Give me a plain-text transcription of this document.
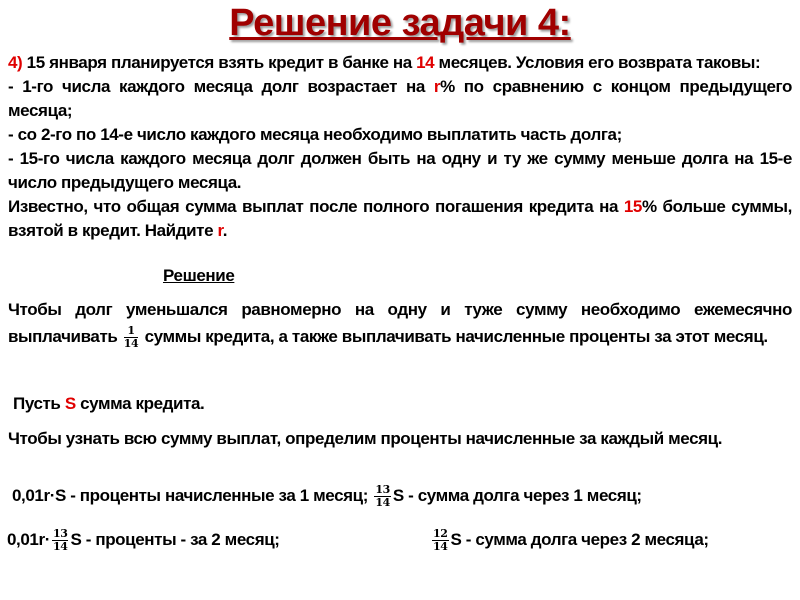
Решение задачи 4:
4) 15 января планируется взять кредит в банке на 14 месяцев. Условия его возврата таковы:
- 1-го числа каждого месяца долг возрастает на r% по сравнению с концом предыдущего месяца;
- со 2-го по 14-е число каждого месяца необходимо выплатить часть долга;
- 15-го числа каждого месяца долг должен быть на одну и ту же сумму меньше долга на 15-е число предыдущего месяца.
Известно, что общая сумма выплат после полного погашения кредита на 15% больше суммы, взятой в кредит. Найдите r.
Решение
Чтобы долг уменьшался равномерно на одну и туже сумму необходимо ежемесячно выплачивать $\frac{1}{14}$ суммы кредита, а также выплачивать начисленные проценты за этот месяц.
Пусть S сумма кредита.
Чтобы узнать всю сумму выплат, определим проценты начисленные за каждый месяц.
0,01r·S - проценты начисленные за 1 месяц; $\frac{13}{14}$ S - сумма долга через 1 месяц;
$0,01r\cdot \frac{13}{14}$ S - проценты - за 2 месяц;	$\frac{12}{14}$ S - сумма долга через 2 месяца;
